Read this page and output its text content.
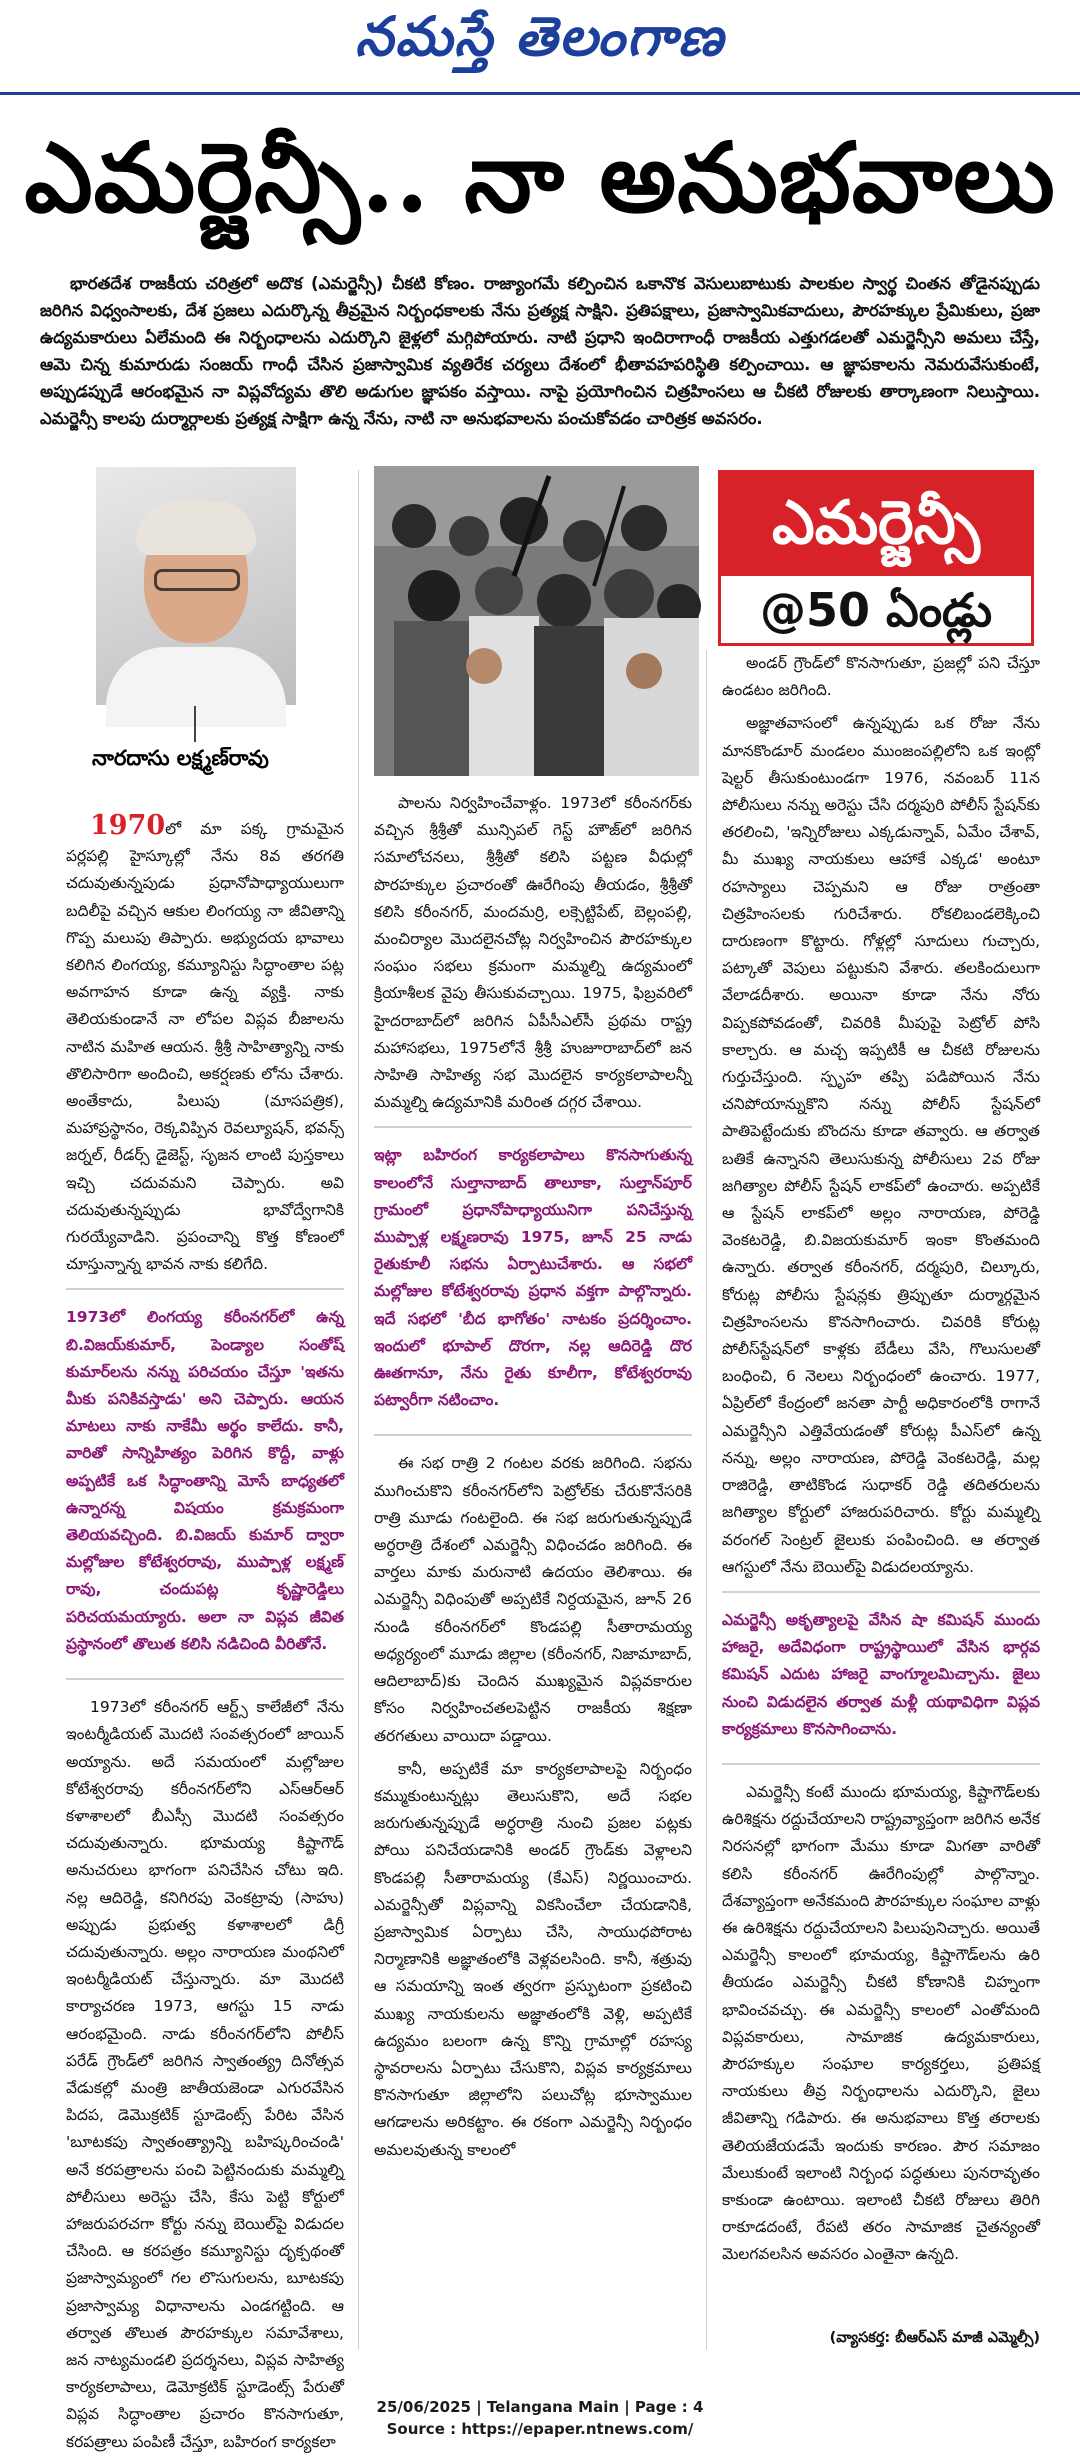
నమస్తే తెలంగాణ
ఎమర్జెన్సీ.. నా అనుభవాలు

భారతదేశ రాజకీయ చరిత్రలో అదొక (ఎమర్జెన్సీ) చీకటి కోణం. రాజ్యాంగమే కల్పించిన ఒకానొక వెసులుబాటుకు పాలకుల స్వార్థ చింతన తోడైనప్పుడు జరిగిన విధ్వంసాలకు, దేశ ప్రజలు ఎదుర్కొన్న తీవ్రమైన నిర్బంధకాలకు నేను ప్రత్యక్ష సాక్షిని. ప్రతిపక్షాలు, ప్రజాస్వామికవాదులు, పౌరహక్కుల ప్రేమికులు, ప్రజా ఉద్యమకారులు ఏలేమంది ఈ నిర్బంధాలను ఎదుర్కొని జైళ్లలో మగ్గిపోయారు. నాటి ప్రధాని ఇందిరాగాంధీ రాజకీయ ఎత్తుగడలతో ఎమర్జెన్సీని అమలు చేస్తే, ఆమె చిన్న కుమారుడు సంజయ్ గాంధీ చేసిన ప్రజాస్వామిక వ్యతిరేక చర్యలు దేశంలో భీతావహపరిస్థితి కల్పించాయి. ఆ జ్ఞాపకాలను నెమరువేసుకుంటే, అప్పుడప్పుడే ఆరంభమైన నా విప్లవోద్యమ తొలి అడుగుల జ్ఞాపకం వస్తాయి. నాపై ప్రయోగించిన చిత్రహింసలు ఆ చీకటి రోజులకు తార్కాణంగా నిలుస్తాయి. ఎమర్జెన్సీ కాలపు దుర్మార్గాలకు ప్రత్యక్ష సాక్షిగా ఉన్న నేను, నాటి నా అనుభవాలను పంచుకోవడం చారిత్రక అవసరం.

నారదాసు లక్ష్మణ్‌రావు
ఎమర్జెన్సీ
@50 ఏండ్లు

1970లో మా పక్క గ్రామమైన పర్లపల్లి హైస్కూల్లో నేను 8వ తరగతి చదువుతున్నపుడు ప్రధానోపాధ్యాయులుగా బదిలీపై వచ్చిన ఆకుల లింగయ్య నా జీవితాన్ని గొప్ప మలుపు తిప్పారు. అభ్యుదయ భావాలు కలిగిన లింగయ్య, కమ్యూనిస్టు సిద్ధాంతాల పట్ల అవగాహన కూడా ఉన్న వ్యక్తి. నాకు తెలియకుండానే నా లోపల విప్లవ బీజాలను నాటిన మహిత ఆయన. శ్రీశ్రీ సాహిత్యాన్ని నాకు తొలిసారిగా అందించి, అకర్షణకు లోను చేశారు. అంతేకాదు, పిలుపు (మాసపత్రిక), మహాప్రస్థానం, రెక్కవిప్పిన రెవల్యూషన్, భవన్స్ జర్నల్, రీడర్స్ డైజెస్ట్, సృజన లాంటి పుస్తకాలు ఇచ్చి చదువమని చెప్పారు. అవి చదువుతున్నప్పుడు భావోద్వేగానికి గురయ్యేవాడిని. ప్రపంచాన్ని కొత్త కోణంలో చూస్తున్నాన్న భావన నాకు కలిగేది.

1973లో లింగయ్య కరీంనగర్‌లో ఉన్న బి.విజయ్‌కుమార్, పెండ్యాల సంతోష్ కుమార్‌లను నన్ను పరిచయం చేస్తూ 'ఇతను మీకు పనికివస్తాడు' అని చెప్పారు. ఆయన మాటలు నాకు నాకేమీ అర్థం కాలేదు. కానీ, వారితో సాన్నిహిత్యం పెరిగిన కొద్దీ, వాళ్లు అప్పటికే ఒక సిద్ధాంతాన్ని మోసే బాధ్యతలో ఉన్నారన్న విషయం క్రమక్రమంగా తెలియవచ్చింది. బి.విజయ్ కుమార్ ద్వారా మల్లోజుల కోటేశ్వరరావు, ముప్పాళ్ల లక్ష్మణ్ రావు, చందుపట్ల కృష్ణారెడ్డిలు పరిచయమయ్యారు. అలా నా విప్లవ జీవిత ప్రస్థానంలో తొలుత కలిసి నడిచింది వీరితోనే.

1973లో కరీంనగర్ ఆర్ట్స్ కాలేజీలో నేను ఇంటర్మీడియట్ మొదటి సంవత్సరంలో జాయిన్ అయ్యాను. అదే సమయంలో మల్లోజుల కోటేశ్వరరావు కరీంనగర్‌లోని ఎస్‌ఆర్‌ఆర్ కళాశాలలో బీఎస్సీ మొదటి సంవత్సరం చదువుతున్నారు. భూమయ్య కిష్టాగౌడ్ అనుచరులు భాగంగా పనిచేసిన చోటు ఇది. నల్ల ఆదిరెడ్డి, కనిగిరపు వెంకట్రావు (సాహు) అప్పుడు ప్రభుత్వ కళాశాలలో డిగ్రీ చదువుతున్నారు. అల్లం నారాయణ మంథనిలో ఇంటర్మీడియట్ చేస్తున్నారు. మా మొదటి కార్యాచరణ 1973, ఆగస్టు 15 నాడు ఆరంభమైంది. నాడు కరీంనగర్‌లోని పోలీస్ పరేడ్ గ్రౌండ్‌లో జరిగిన స్వాతంత్య్ర దినోత్సవ వేడుకల్లో మంత్రి జాతీయజెండా ఎగురవేసిన పిదప, డెమొక్రటిక్ స్టూడెంట్స్ పేరిట వేసిన 'బూటకపు స్వాతంత్య్రాన్ని బహిష్కరించండి' అనే కరపత్రాలను పంచి పెట్టినందుకు మమ్మల్ని పోలీసులు అరెస్టు చేసి, కేసు పెట్టి కోర్టులో హాజరుపరచగా కోర్టు నన్ను బెయిల్‌పై విడుదల చేసింది. ఆ కరపత్రం కమ్యూనిస్టు దృక్పథంతో ప్రజాస్వామ్యంలో గల లొసుగులను, బూటకపు ప్రజాస్వామ్య విధానాలను ఎండగట్టింది. ఆ తర్వాత తొలుత పౌరహక్కుల సమావేశాలు, జన నాట్యమండలి ప్రదర్శనలు, విప్లవ సాహిత్య కార్యకలాపాలు, డెమోక్రటిక్ స్టూడెంట్స్ పేరుతో విప్లవ సిద్ధాంతాల ప్రచారం కొనసాగుతూ, కరపత్రాలు పంపిణీ చేస్తూ, బహిరంగ కార్యకలా

పాలను నిర్వహించేవాళ్లం. 1973లో కరీంనగర్‌కు వచ్చిన శ్రీశ్రీతో మున్సిపల్ గెస్ట్ హౌజ్‌లో జరిగిన సమాలోచనలు, శ్రీశ్రీతో కలిసి పట్టణ వీధుల్లో పొరహక్కుల ప్రచారంతో ఊరేగింపు తీయడం, శ్రీశ్రీతో కలిసి కరీంనగర్, మందమర్రి, లక్సెట్టిపేట్, బెల్లంపల్లి, మంచిర్యాల మొదలైనచోట్ల నిర్వహించిన పౌరహక్కుల సంఘం సభలు క్రమంగా మమ్మల్ని ఉద్యమంలో క్రియాశీలక వైపు తీసుకువచ్చాయి. 1975, ఫిబ్రవరిలో హైదరాబాద్‌లో జరిగిన ఏపీసీఎల్‌సీ ప్రథమ రాష్ట్ర మహాసభలు, 1975లోనే శ్రీశ్రీ హుజూరాబాద్‌లో జన సాహితి సాహిత్య సభ మొదలైన కార్యకలాపాలన్నీ మమ్మల్ని ఉద్యమానికి మరింత దగ్గర చేశాయి.

ఇట్లా బహిరంగ కార్యకలాపాలు కొనసాగుతున్న కాలంలోనే సుల్తానాబాద్ తాలూకా, సుల్తాన్‌పూర్ గ్రామంలో ప్రధానోపాధ్యాయునిగా పనిచేస్తున్న ముప్పాళ్ల లక్ష్మణరావు 1975, జూన్ 25 నాడు రైతుకూలీ సభను ఏర్పాటుచేశారు. ఆ సభలో మల్లోజుల కోటేశ్వరరావు ప్రధాన వక్తగా పాల్గొన్నారు. ఇదే సభలో 'బీద భాగోతం' నాటకం ప్రదర్శించాం. ఇందులో భూపాల్ దొరగా, నల్ల ఆదిరెడ్డి దొర ఊతగానూ, నేను రైతు కూలీగా, కోటేశ్వరరావు పట్వారీగా నటించాం.

ఈ సభ రాత్రి 2 గంటల వరకు జరిగింది. సభను ముగించుకొని కరీంనగర్‌లోని పెట్రోల్‌కు చేరుకొనేసరికి రాత్రి మూడు గంటలైంది. ఈ సభ జరుగుతున్నప్పుడే అర్ధరాత్రి దేశంలో ఎమర్జెన్సీ విధించడం జరిగింది. ఈ వార్తలు మాకు మరునాటి ఉదయం తెలిశాయి. ఈ ఎమర్జెన్సీ విధింపుతో అప్పటికే నిర్దయమైన, జూన్ 26 నుండి కరీంనగర్‌లో కొండపల్లి సీతారామయ్య అధ్యర్యంలో మూడు జిల్లాల (కరీంనగర్, నిజామాబాద్, ఆదిలాబాద్)కు చెందిన ముఖ్యమైన విప్లవకారుల కోసం నిర్వహించతలపెట్టిన రాజకీయ శిక్షణా తరగతులు వాయిదా పడ్డాయి.

కానీ, అప్పటికే మా కార్యకలాపాలపై నిర్బంధం కమ్ముకుంటున్నట్లు తెలుసుకొని, అదే సభల జరుగుతున్నప్పుడే అర్ధరాత్రి నుంచి ప్రజల పట్లకు పోయి పనిచేయడానికి అండర్ గ్రౌండ్‌కు వెళ్లాలని కొండపల్లి సీతారామయ్య (కేఎస్) నిర్ణయించారు. ఎమర్జెన్సీతో విప్లవాన్ని వికసించేలా చేయడానికి, ప్రజాస్వామిక ఏర్పాటు చేసి, సాయుధపోరాట నిర్మాణానికి అజ్ఞాతంలోకి వెళ్లవలసింది. కానీ, శత్రువు ఆ సమయాన్ని ఇంత త్వరగా ప్రస్ఫుటంగా ప్రకటించి ముఖ్య నాయకులను అజ్ఞాతంలోకి వెళ్లి, అప్పటికే ఉద్యమం బలంగా ఉన్న కొన్ని గ్రామాల్లో రహస్య స్థావరాలను ఏర్పాటు చేసుకొని, విప్లవ కార్యక్రమాలు కొనసాగుతూ జిల్లాలోని పలుచోట్ల భూస్వాముల ఆగడాలను అరికట్టాం. ఈ రకంగా ఎమర్జెన్సీ నిర్బంధం అమలవుతున్న కాలంలో

అండర్ గ్రౌండ్‌లో కొనసాగుతూ, ప్రజల్లో పని చేస్తూ ఉండటం జరిగింది.

అజ్ఞాతవాసంలో ఉన్నప్పుడు ఒక రోజు నేను మానకొండూర్ మండలం ముంజంపల్లిలోని ఒక ఇంట్లో షెల్టర్ తీసుకుంటుండగా 1976, నవంబర్ 11న పోలీసులు నన్ను అరెస్టు చేసి దర్మపురి పోలీస్ స్టేషన్‌కు తరలించి, 'ఇన్నిరోజులు ఎక్కడున్నావ్, ఏమేం చేశావ్, మీ ముఖ్య నాయకులు ఆహాకే ఎక్కడ' అంటూ రహస్యాలు చెప్పమని ఆ రోజు రాత్రంతా చిత్రహింసలకు గురిచేశారు. రోకలిబండలెక్కించి దారుణంగా కొట్టారు. గోళ్లల్లో సూదులు గుచ్చారు, పట్కాతో వెపులు పట్టుకుని వేశారు. తలకిందులుగా వేలాడదీశారు. అయినా కూడా నేను నోరు విప్పకపోవడంతో, చివరికి మీపుపై పెట్రోల్ పోసి కాల్చారు. ఆ మచ్చ ఇప్పటికీ ఆ చీకటి రోజులను గుర్తుచేస్తుంది. స్పృహ తప్పి పడిపోయిన నేను చనిపోయాన్నుకొని నన్ను పోలీస్ స్టేషన్‌లో పాతిపెట్టేందుకు బొందను కూడా తవ్వారు. ఆ తర్వాత బతికే ఉన్నానని తెలుసుకున్న పోలీసులు 2వ రోజు జగిత్యాల పోలీస్ స్టేషన్ లాకప్‌లో ఉంచారు. అప్పటికే ఆ స్టేషన్ లాకప్‌లో అల్లం నారాయణ, పోరెడ్డి వెంకటరెడ్డి, బి.విజయకుమార్ ఇంకా కొంతమంది ఉన్నారు. తర్వాత కరీంనగర్, దర్మపురి, చిల్కూరు, కోరుట్ల పోలీసు స్టేషన్లకు త్రిప్పుతూ దుర్మార్గమైన చిత్రహింసలను కొనసాగించారు. చివరికి కోరుట్ల పోలీస్‌స్టేషన్‌లో కాళ్లకు బేడీలు వేసి, గొలుసులతో బంధించి, 6 నెలలు నిర్బంధంలో ఉంచారు. 1977, ఏప్రిల్‌లో కేంద్రంలో జనతా పార్టీ అధికారంలోకి రాగానే ఎమర్జెన్సీని ఎత్తివేయడంతో కోరుట్ల పీఎస్‌లో ఉన్న నన్ను, అల్లం నారాయణ, పోరెడ్డి వెంకటరెడ్డి, మల్ల రాజిరెడ్డి, తాటికొండ సుధాకర్ రెడ్డి తదితరులను జగిత్యాల కోర్టులో హాజరుపరిచారు. కోర్టు మమ్మల్ని వరంగల్ సెంట్రల్ జైలుకు పంపించింది. ఆ తర్వాత ఆగస్టులో నేను బెయిల్‌పై విడుదలయ్యాను.

ఎమర్జెన్సీ అకృత్యాలపై వేసిన షా కమిషన్ ముందు హాజరై, అదేవిధంగా రాష్ట్రస్థాయిలో వేసిన భార్గవ కమిషన్ ఎదుట హాజరై వాంగ్మూలమిచ్చాను. జైలు నుంచి విడుదలైన తర్వాత మళ్లీ యథావిధిగా విప్లవ కార్యక్రమాలు కొనసాగించాను.

ఎమర్జెన్సీ కంటే ముందు భూమయ్య, కిష్టాగౌడ్‌లకు ఉరిశిక్షను రద్దుచేయాలని రాష్ట్రవ్యాప్తంగా జరిగిన అనేక నిరసనల్లో భాగంగా మేము కూడా మిగతా వారితో కలిసి కరీంనగర్ ఊరేగింపుల్లో పాల్గొన్నాం. దేశవ్యాప్తంగా అనేకమంది పౌరహక్కుల సంఘాల వాళ్లు ఈ ఉరిశిక్షను రద్దుచేయాలని పిలుపునిచ్చారు. అయితే ఎమర్జెన్సీ కాలంలో భూమయ్య, కిష్టాగౌడ్‌లను ఉరి తీయడం ఎమర్జెన్సీ చీకటి కోణానికి చిహ్నంగా భావించవచ్చు. ఈ ఎమర్జెన్సీ కాలంలో ఎంతోమంది విప్లవకారులు, సామాజిక ఉద్యమకారులు, పౌరహక్కుల సంఘాల కార్యకర్తలు, ప్రతిపక్ష నాయకులు తీవ్ర నిర్బంధాలను ఎదుర్కొని, జైలు జీవితాన్ని గడిపారు. ఈ అనుభవాలు కొత్త తరాలకు తెలియజేయడమే ఇందుకు కారణం. పౌర సమాజం మేలుకుంటే ఇలాంటి నిర్బంధ పద్ధతులు పునరావృతం కాకుండా ఉంటాయి. ఇలాంటి చీకటి రోజులు తిరిగి రాకూడదంటే, రేపటి తరం సామాజిక చైతన్యంతో మెలగవలసిన అవసరం ఎంతైనా ఉన్నది.

(వ్యాసకర్త: బీఆర్‌ఎస్ మాజీ ఎమ్మెల్సీ)
25/06/2025 | Telangana Main | Page : 4
Source : https://epaper.ntnews.com/
